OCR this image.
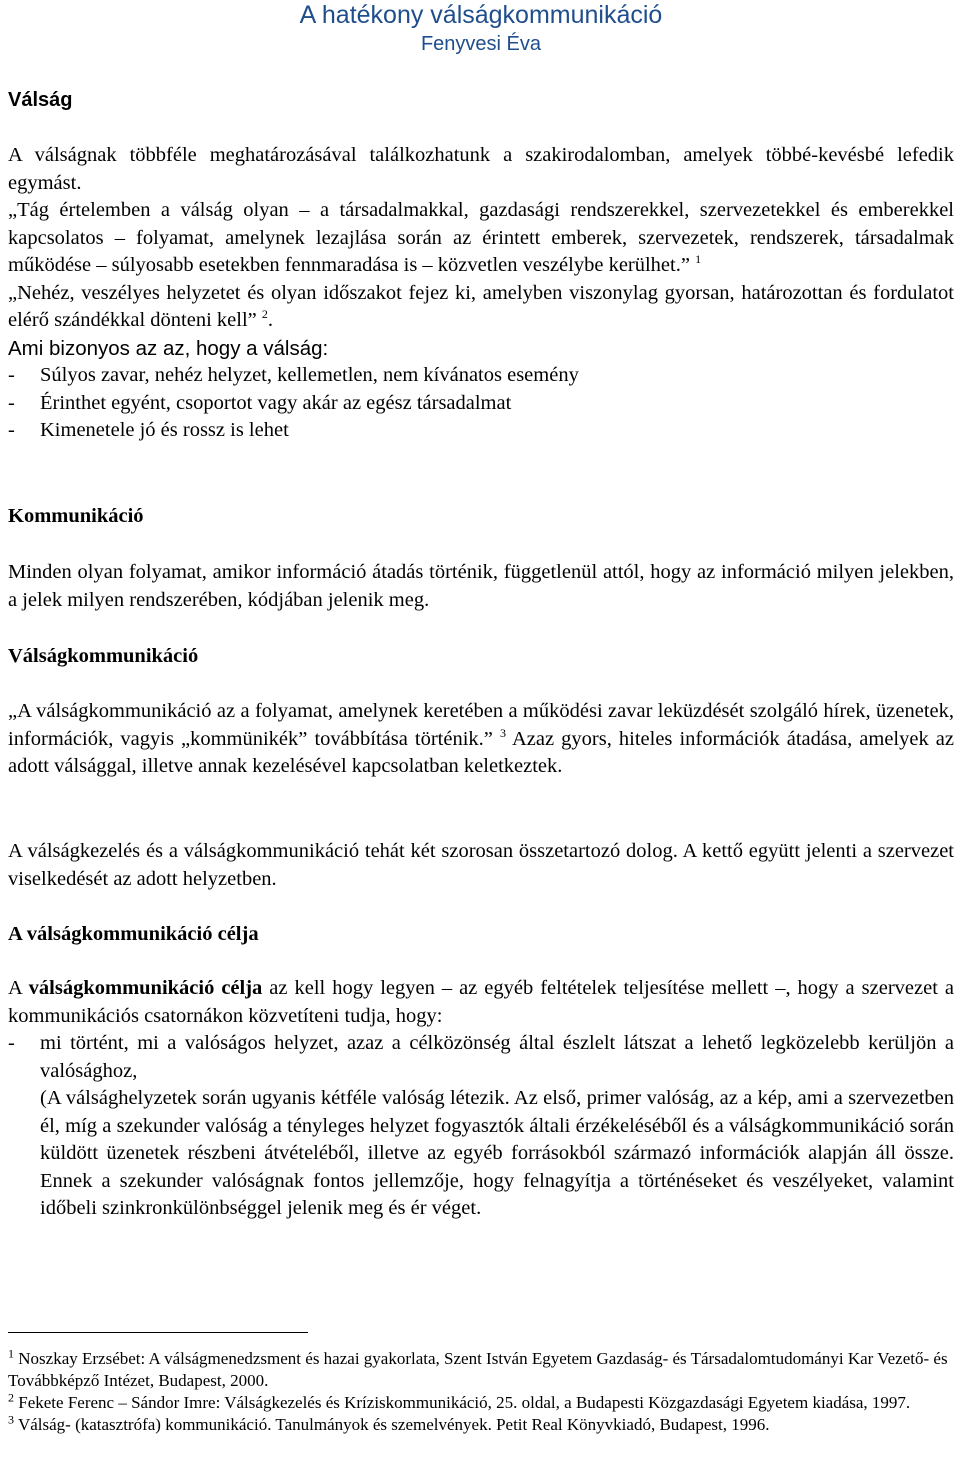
A hatékony válságkommunikáció
Fenyvesi Éva
Válság

A válságnak többféle meghatározásával találkozhatunk a szakirodalomban, amelyek többé-kevésbé lefedik egymást.

„Tág értelemben a válság olyan – a társadalmakkal, gazdasági rendszerekkel, szervezetekkel és emberekkel kapcsolatos – folyamat, amelynek lezajlása során az érintett emberek, szervezetek, rendszerek, társadalmak működése – súlyosabb esetekben fennmaradása is – közvetlen veszélybe kerülhet.” $^1$

„Nehéz, veszélyes helyzetet és olyan időszakot fejez ki, amelyben viszonylag gyorsan, határozottan és fordulatot elérő szándékkal dönteni kell” $^2$.

Ami bizonyos az az, hogy a válság:

-	Súlyos zavar, nehéz helyzet, kellemetlen, nem kívánatos esemény
-	Érinthet egyént, csoportot vagy akár az egész társadalmat
-	Kimenetele jó és rossz is lehet
Kommunikáció
Minden olyan folyamat, amikor információ átadás történik, függetlenül attól, hogy az információ milyen jelekben, a jelek milyen rendszerében, kódjában jelenik meg.
Válságkommunikáció
„A válságkommunikáció az a folyamat, amelynek keretében a működési zavar leküzdését szolgáló hírek, üzenetek, információk, vagyis „kommünikék” továbbítása történik.” $^3$ Azaz gyors, hiteles információk átadása, amelyek az adott válsággal, illetve annak kezelésével kapcsolatban keletkeztek.
A válságkezelés és a válságkommunikáció tehát két szorosan összetartozó dolog. A kettő együtt jelenti a szervezet viselkedését az adott helyzetben.
A válságkommunikáció célja
A válságkommunikáció célja az kell hogy legyen – az egyéb feltételek teljesítése mellett –, hogy a szervezet a kommunikációs csatornákon közvetíteni tudja, hogy:
-	mi történt, mi a valóságos helyzet, azaz a célközönség által észlelt látszat a lehető legközelebb kerüljön a valósághoz,
(A válsághelyzetek során ugyanis kétféle valóság létezik. Az első, primer valóság, az a kép, ami a szervezetben él, míg a szekunder valóság a tényleges helyzet fogyasztók általi érzékeléséből és a válságkommunikáció során küldött üzenetek részbeni átvételéből, illetve az egyéb forrásokból származó információk alapján áll össze. Ennek a szekunder valóságnak fontos jellemzője, hogy felnagyítja a történéseket és veszélyeket, valamint időbeli szinkronkülönbséggel jelenik meg és ér véget.

$^1$ Noszkay Erzsébet: A válságmenedzsment és hazai gyakorlata, Szent István Egyetem Gazdaság- és Társadalomtudományi Kar Vezető- és Továbbképző Intézet, Budapest, 2000.

$^2$ Fekete Ferenc – Sándor Imre: Válságkezelés és Kríziskommunikáció, 25. oldal, a Budapesti Közgazdasági Egyetem kiadása, 1997.

$^3$ Válság- (katasztrófa) kommunikáció. Tanulmányok és szemelvények. Petit Real Könyvkiadó, Budapest, 1996.
